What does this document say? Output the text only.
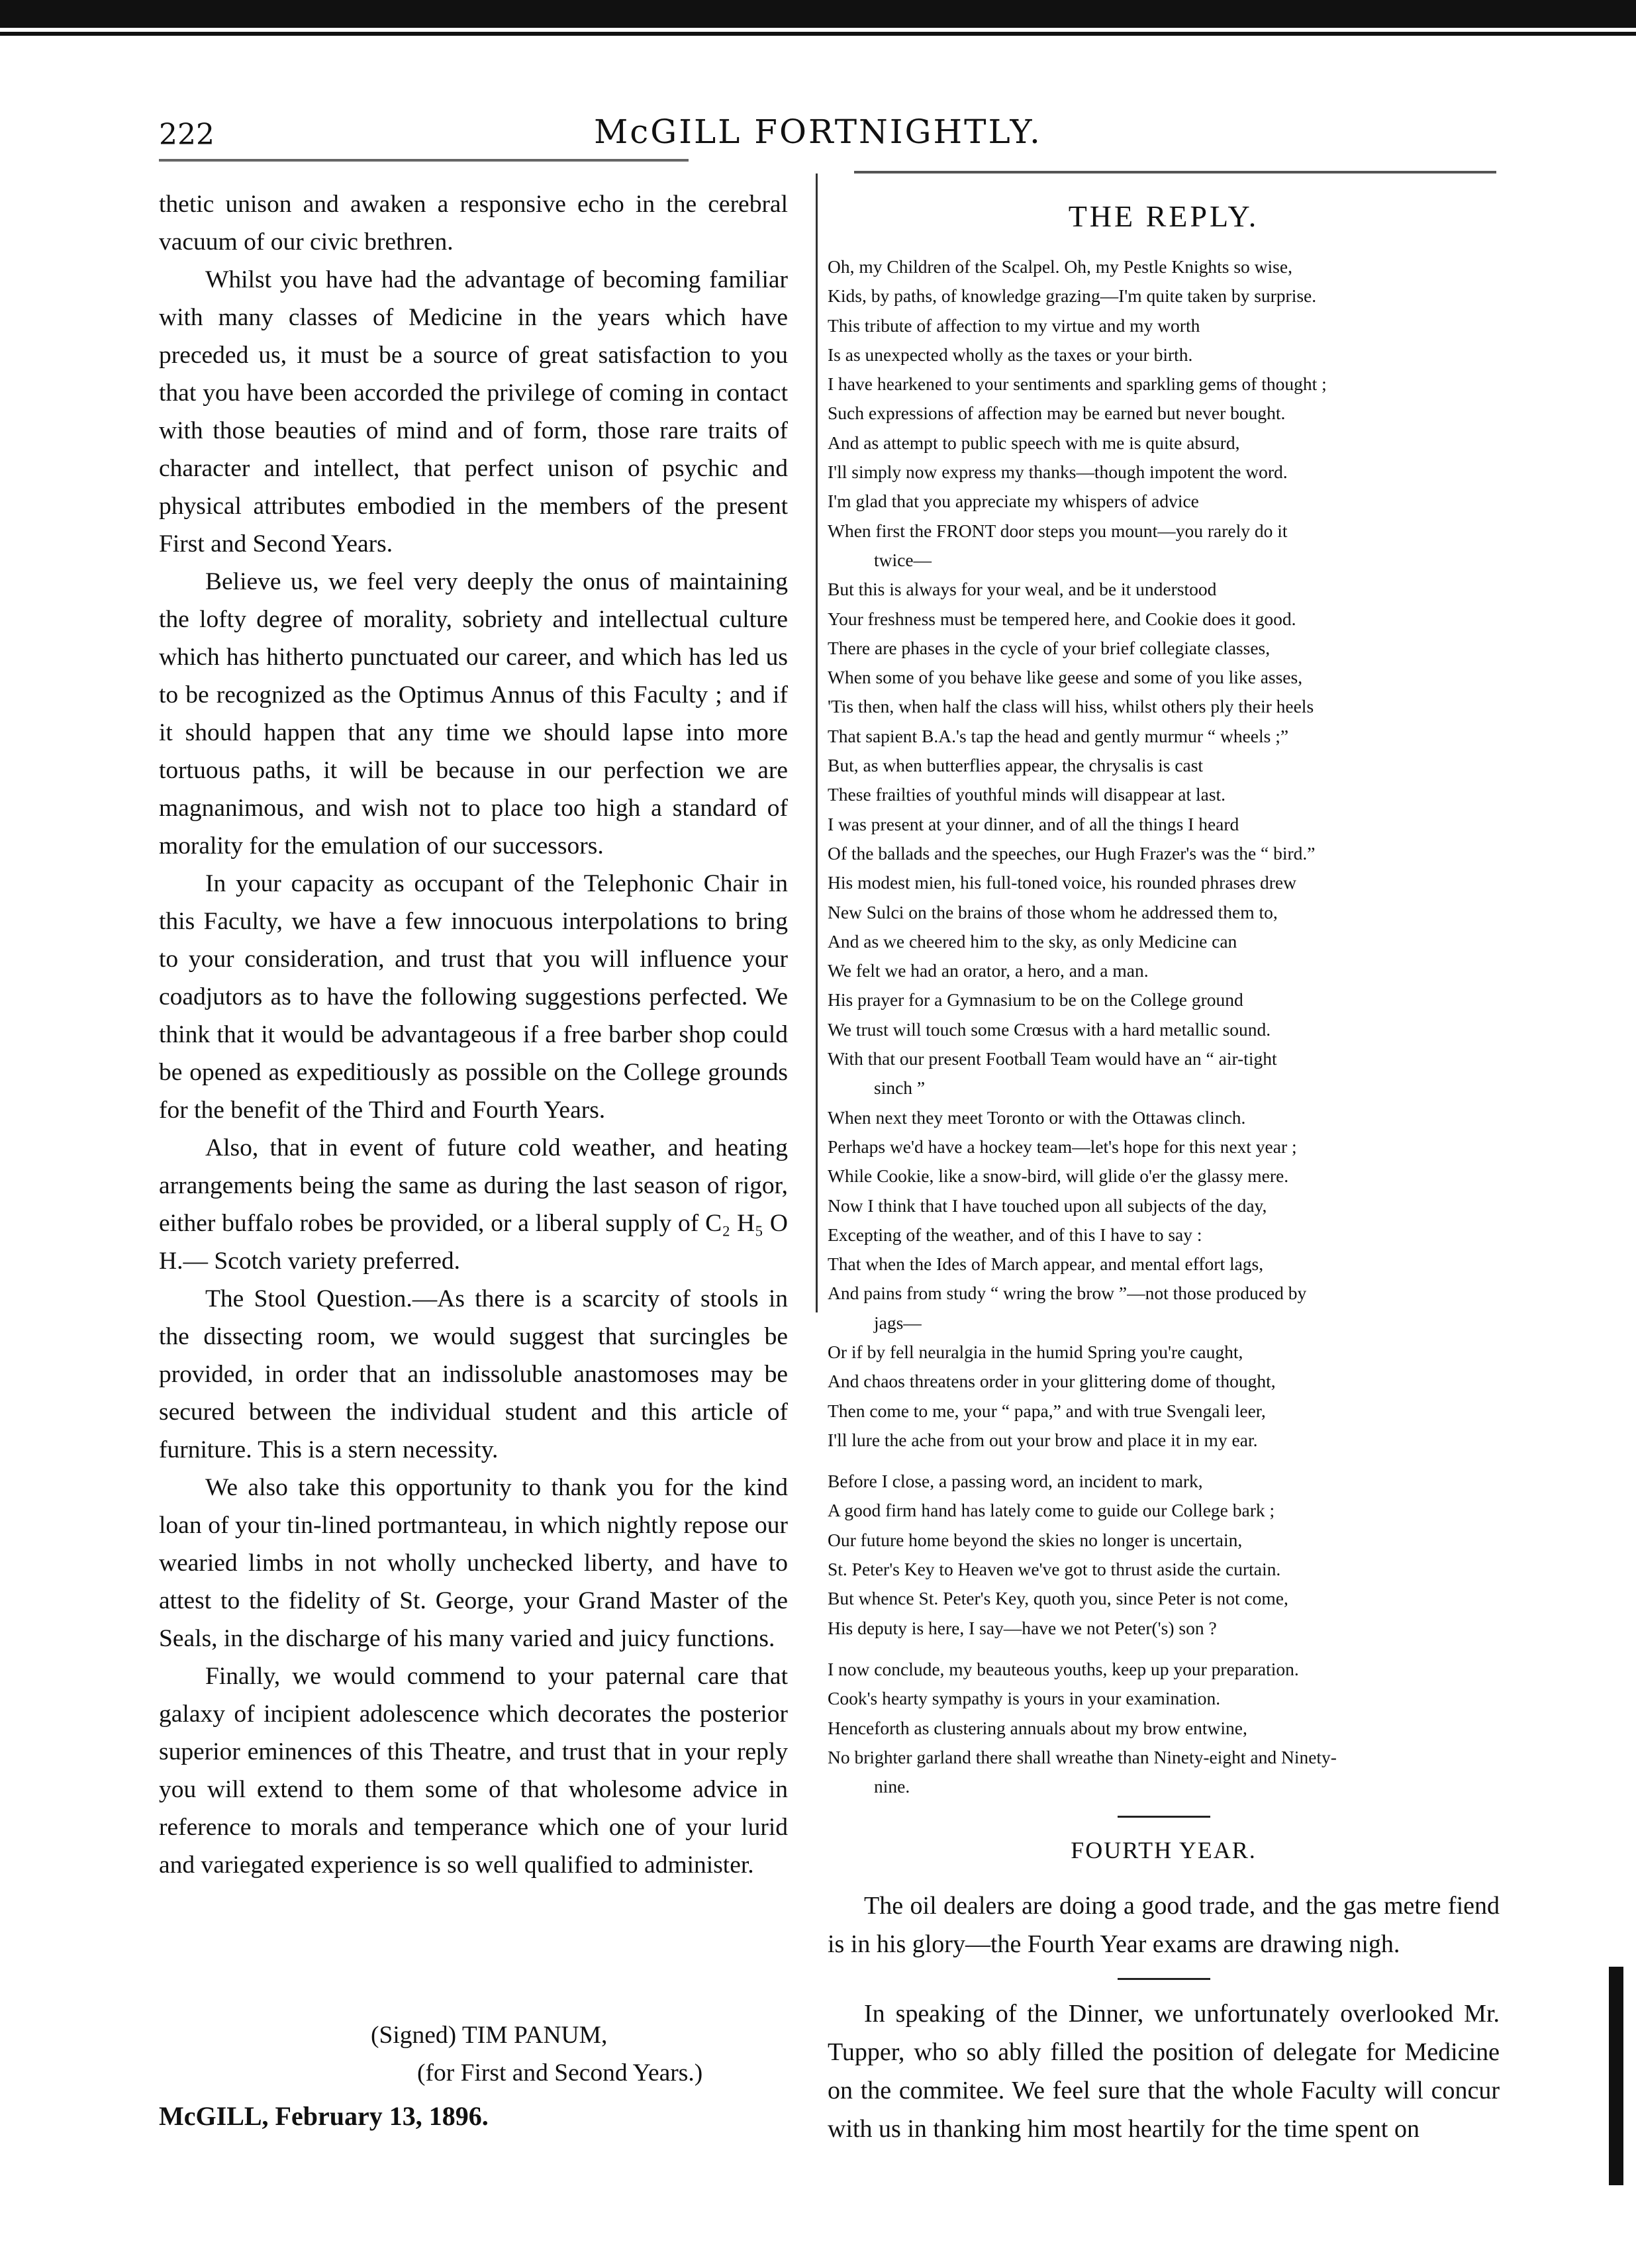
222	McGILL FORTNIGHTLY.

thetic unison and awaken a responsive echo in the cerebral vacuum of our civic brethren.

Whilst you have had the advantage of becoming familiar with many classes of Medicine in the years which have preceded us, it must be a source of great satisfaction to you that you have been accorded the privilege of coming in contact with those beauties of mind and of form, those rare traits of character and intellect, that perfect unison of psychic and physical attributes embodied in the members of the present First and Second Years.

Believe us, we feel very deeply the onus of maintaining the lofty degree of morality, sobriety and intellectual culture which has hitherto punctuated our career, and which has led us to be recognized as the Optimus Annus of this Faculty ; and if it should happen that any time we should lapse into more tortuous paths, it will be because in our perfection we are magnanimous, and wish not to place too high a standard of morality for the emulation of our successors.

In your capacity as occupant of the Telephonic Chair in this Faculty, we have a few innocuous interpolations to bring to your consideration, and trust that you will influence your coadjutors as to have the following suggestions perfected. We think that it would be advantageous if a free barber shop could be opened as expeditiously as possible on the College grounds for the benefit of the Third and Fourth Years.

Also, that in event of future cold weather, and heating arrangements being the same as during the last season of rigor, either buffalo robes be provided, or a liberal supply of C₂ H₅ O H.— Scotch variety preferred.

The Stool Question.—As there is a scarcity of stools in the dissecting room, we would suggest that surcingles be provided, in order that an indissoluble anastomoses may be secured between the individual student and this article of furniture. This is a stern necessity.

We also take this opportunity to thank you for the kind loan of your tin-lined portmanteau, in which nightly repose our wearied limbs in not wholly unchecked liberty, and have to attest to the fidelity of St. George, your Grand Master of the Seals, in the discharge of his many varied and juicy functions.

Finally, we would commend to your paternal care that galaxy of incipient adolescence which decorates the posterior superior eminences of this Theatre, and trust that in your reply you will extend to them some of that wholesome advice in reference to morals and temperance which one of your lurid and variegated experience is so well qualified to administer.

(Signed) TIM PANUM,
(for First and Second Years.)
McGILL, February 13, 1896.
THE REPLY.
Oh, my Children of the Scalpel. Oh, my Pestle Knights so wise,
Kids, by paths, of knowledge grazing—I'm quite taken by surprise.
This tribute of affection to my virtue and my worth
Is as unexpected wholly as the taxes or your birth.
I have hearkened to your sentiments and sparkling gems of thought ;
Such expressions of affection may be earned but never bought.
And as attempt to public speech with me is quite absurd,
I'll simply now express my thanks—though impotent the word.
I'm glad that you appreciate my whispers of advice
When first the FRONT door steps you mount—you rarely do it
twice—
But this is always for your weal, and be it understood
Your freshness must be tempered here, and Cookie does it good.
There are phases in the cycle of your brief collegiate classes,
When some of you behave like geese and some of you like asses,
'Tis then, when half the class will hiss, whilst others ply their heels
That sapient B.A.'s tap the head and gently murmur “ wheels ;”
But, as when butterflies appear, the chrysalis is cast
These frailties of youthful minds will disappear at last.
I was present at your dinner, and of all the things I heard
Of the ballads and the speeches, our Hugh Frazer's was the “ bird.”
His modest mien, his full-toned voice, his rounded phrases drew
New Sulci on the brains of those whom he addressed them to,
And as we cheered him to the sky, as only Medicine can
We felt we had an orator, a hero, and a man.
His prayer for a Gymnasium to be on the College ground
We trust will touch some Crœsus with a hard metallic sound.
With that our present Football Team would have an “ air-tight
sinch ”
When next they meet Toronto or with the Ottawas clinch.
Perhaps we'd have a hockey team—let's hope for this next year ;
While Cookie, like a snow-bird, will glide o'er the glassy mere.
Now I think that I have touched upon all subjects of the day,
Excepting of the weather, and of this I have to say :
That when the Ides of March appear, and mental effort lags,
And pains from study “ wring the brow ”—not those produced by
jags—
Or if by fell neuralgia in the humid Spring you're caught,
And chaos threatens order in your glittering dome of thought,
Then come to me, your “ papa,” and with true Svengali leer,
I'll lure the ache from out your brow and place it in my ear.
Before I close, a passing word, an incident to mark,
A good firm hand has lately come to guide our College bark ;
Our future home beyond the skies no longer is uncertain,
St. Peter's Key to Heaven we've got to thrust aside the curtain.
But whence St. Peter's Key, quoth you, since Peter is not come,
His deputy is here, I say—have we not Peter('s) son ?
I now conclude, my beauteous youths, keep up your preparation.
Cook's hearty sympathy is yours in your examination.
Henceforth as clustering annuals about my brow entwine,
No brighter garland there shall wreathe than Ninety-eight and Ninety-
nine.
FOURTH YEAR.

The oil dealers are doing a good trade, and the gas metre fiend is in his glory—the Fourth Year exams are drawing nigh.

In speaking of the Dinner, we unfortunately overlooked Mr. Tupper, who so ably filled the position of delegate for Medicine on the commitee. We feel sure that the whole Faculty will concur with us in thanking him most heartily for the time spent on
